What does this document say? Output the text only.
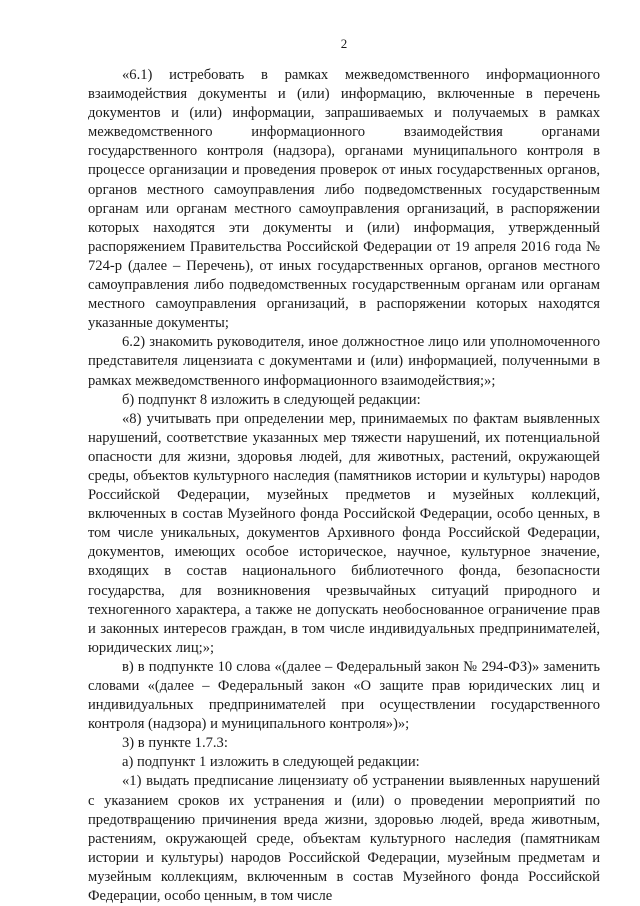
2

«6.1) истребовать в рамках межведомственного информационного взаимодействия документы и (или) информацию, включенные в перечень документов и (или) информации, запрашиваемых и получаемых в рамках межведомственного информационного взаимодействия органами государственного контроля (надзора), органами муниципального контроля в процессе организации и проведения проверок от иных государственных органов, органов местного самоуправления либо подведомственных государственным органам или органам местного самоуправления организаций, в распоряжении которых находятся эти документы и (или) информация, утвержденный распоряжением Правительства Российской Федерации от 19 апреля 2016 года № 724-р (далее – Перечень), от иных государственных органов, органов местного самоуправления либо подведомственных государственным органам или органам местного самоуправления организаций, в распоряжении которых находятся указанные документы;

6.2) знакомить руководителя, иное должностное лицо или уполномоченного представителя лицензиата с документами и (или) информацией, полученными в рамках межведомственного информационного взаимодействия;»;

б) подпункт 8 изложить в следующей редакции:

«8) учитывать при определении мер, принимаемых по фактам выявленных нарушений, соответствие указанных мер тяжести нарушений, их потенциальной опасности для жизни, здоровья людей, для животных, растений, окружающей среды, объектов культурного наследия (памятников истории и культуры) народов Российской Федерации, музейных предметов и музейных коллекций, включенных в состав Музейного фонда Российской Федерации, особо ценных, в том числе уникальных, документов Архивного фонда Российской Федерации, документов, имеющих особое историческое, научное, культурное значение, входящих в состав национального библиотечного фонда, безопасности государства, для возникновения чрезвычайных ситуаций природного и техногенного характера, а также не допускать необоснованное ограничение прав и законных интересов граждан, в том числе индивидуальных предпринимателей, юридических лиц;»;

в) в подпункте 10 слова «(далее – Федеральный закон № 294-ФЗ)» заменить словами «(далее – Федеральный закон «О защите прав юридических лиц и индивидуальных предпринимателей при осуществлении государственного контроля (надзора) и муниципального контроля»)»;

3) в пункте 1.7.3:

а) подпункт 1 изложить в следующей редакции:

«1) выдать предписание лицензиату об устранении выявленных нарушений с указанием сроков их устранения и (или) о проведении мероприятий по предотвращению причинения вреда жизни, здоровью людей, вреда животным, растениям, окружающей среде, объектам культурного наследия (памятникам истории и культуры) народов Российской Федерации, музейным предметам и музейным коллекциям, включенным в состав Музейного фонда Российской Федерации, особо ценным, в том числе
